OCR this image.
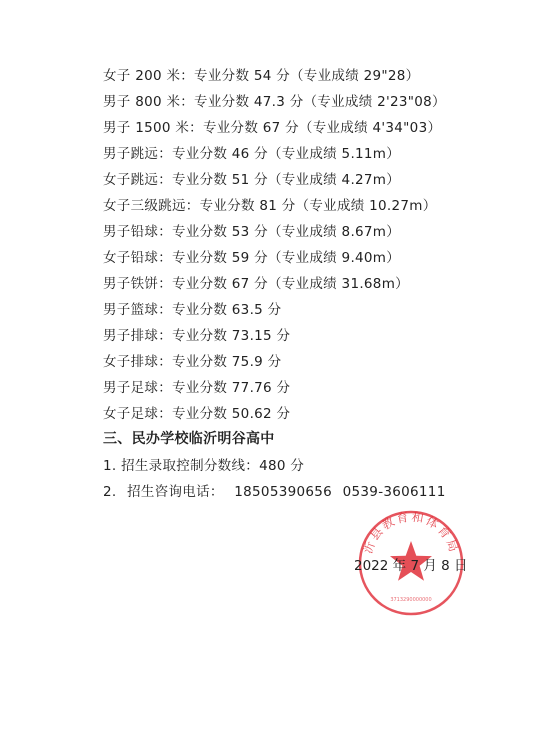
女子 200 米：专业分数 54 分（专业成绩 29"28）
男子 800 米：专业分数 47.3 分（专业成绩 2'23"08）
男子 1500 米：专业分数 67 分（专业成绩 4'34"03）
男子跳远：专业分数 46 分（专业成绩 5.11m）
女子跳远：专业分数 51 分（专业成绩 4.27m）
女子三级跳远：专业分数 81 分（专业成绩 10.27m）
男子铅球：专业分数 53 分（专业成绩 8.67m）
女子铅球：专业分数 59 分（专业成绩 9.40m）
男子铁饼：专业分数 67 分（专业成绩 31.68m）
男子篮球：专业分数 63.5 分
男子排球：专业分数 73.15 分
女子排球：专业分数 75.9 分
男子足球：专业分数 77.76 分
女子足球：专业分数 50.62 分
三、民办学校临沂明谷高中
1. 招生录取控制分数线：480 分
2. 招生咨询电话： 18505390656 0539-3606111
沂县教育和体育局
3713290000000
2022 年 7 月 8 日
